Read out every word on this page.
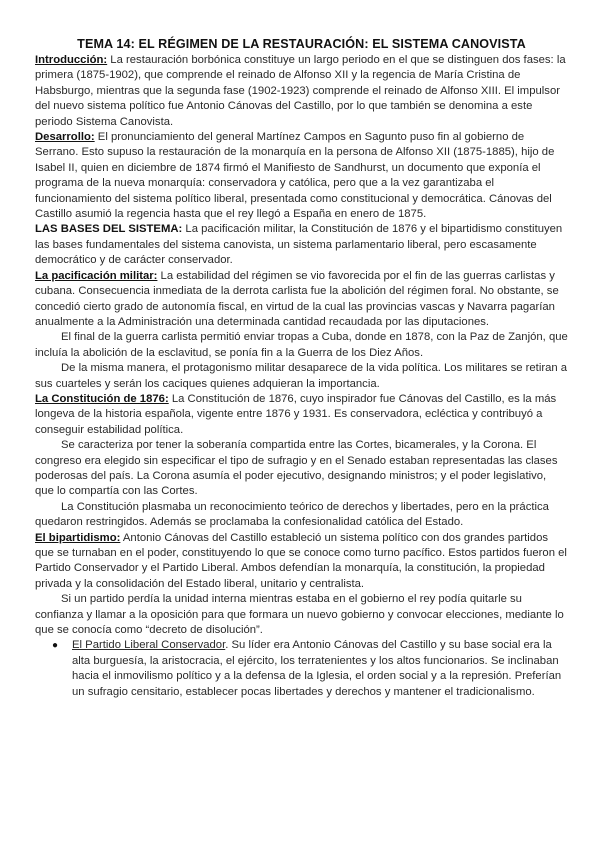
TEMA 14: EL RÉGIMEN DE LA RESTAURACIÓN: EL SISTEMA CANOVISTA

Introducción: La restauración borbónica constituye un largo periodo en el que se distinguen dos fases: la primera (1875-1902), que comprende el reinado de Alfonso XII y la regencia de María Cristina de Habsburgo, mientras que la segunda fase (1902-1923) comprende el reinado de Alfonso XIII. El impulsor del nuevo sistema político fue Antonio Cánovas del Castillo, por lo que también se denomina a este periodo Sistema Canovista.

Desarrollo: El pronunciamiento del general Martínez Campos en Sagunto puso fin al gobierno de Serrano. Esto supuso la restauración de la monarquía en la persona de Alfonso XII (1875-1885), hijo de Isabel II, quien en diciembre de 1874 firmó el Manifiesto de Sandhurst, un documento que exponía el programa de la nueva monarquía: conservadora y católica, pero que a la vez garantizaba el funcionamiento del sistema político liberal, presentada como constitucional y democrática. Cánovas del Castillo asumió la regencia hasta que el rey llegó a España en enero de 1875.

LAS BASES DEL SISTEMA: La pacificación militar, la Constitución de 1876 y el bipartidismo constituyen las bases fundamentales del sistema canovista, un sistema parlamentario liberal, pero escasamente democrático y de carácter conservador.

La pacificación militar: La estabilidad del régimen se vio favorecida por el fin de las guerras carlistas y cubana. Consecuencia inmediata de la derrota carlista fue la abolición del régimen foral. No obstante, se concedió cierto grado de autonomía fiscal, en virtud de la cual las provincias vascas y Navarra pagarían anualmente a la Administración una determinada cantidad recaudada por las diputaciones.

El final de la guerra carlista permitió enviar tropas a Cuba, donde en 1878, con la Paz de Zanjón, que incluía la abolición de la esclavitud, se ponía fin a la Guerra de los Diez Años.

De la misma manera, el protagonismo militar desaparece de la vida política. Los militares se retiran a sus cuarteles y serán los caciques quienes adquieran la importancia.

La Constitución de 1876: La Constitución de 1876, cuyo inspirador fue Cánovas del Castillo, es la más longeva de la historia española, vigente entre 1876 y 1931. Es conservadora, ecléctica y contribuyó a conseguir estabilidad política.

Se caracteriza por tener la soberanía compartida entre las Cortes, bicamerales, y la Corona. El congreso era elegido sin especificar el tipo de sufragio y en el Senado estaban representadas las clases poderosas del país. La Corona asumía el poder ejecutivo, designando ministros; y el poder legislativo, que lo compartía con las Cortes.

La Constitución plasmaba un reconocimiento teórico de derechos y libertades, pero en la práctica quedaron restringidos. Además se proclamaba la confesionalidad católica del Estado.

El bipartidismo: Antonio Cánovas del Castillo estableció un sistema político con dos grandes partidos que se turnaban en el poder, constituyendo lo que se conoce como turno pacífico. Estos partidos fueron el Partido Conservador y el Partido Liberal. Ambos defendían la monarquía, la constitución, la propiedad privada y la consolidación del Estado liberal, unitario y centralista.

Si un partido perdía la unidad interna mientras estaba en el gobierno el rey podía quitarle su confianza y llamar a la oposición para que formara un nuevo gobierno y convocar elecciones, mediante lo que se conocía como “decreto de disolución”.

● El Partido Liberal Conservador. Su líder era Antonio Cánovas del Castillo y su base social era la alta burguesía, la aristocracia, el ejército, los terratenientes y los altos funcionarios. Se inclinaban hacia el inmovilismo político y a la defensa de la Iglesia, el orden social y a la represión. Preferían un sufragio censitario, establecer pocas libertades y derechos y mantener el tradicionalismo.
